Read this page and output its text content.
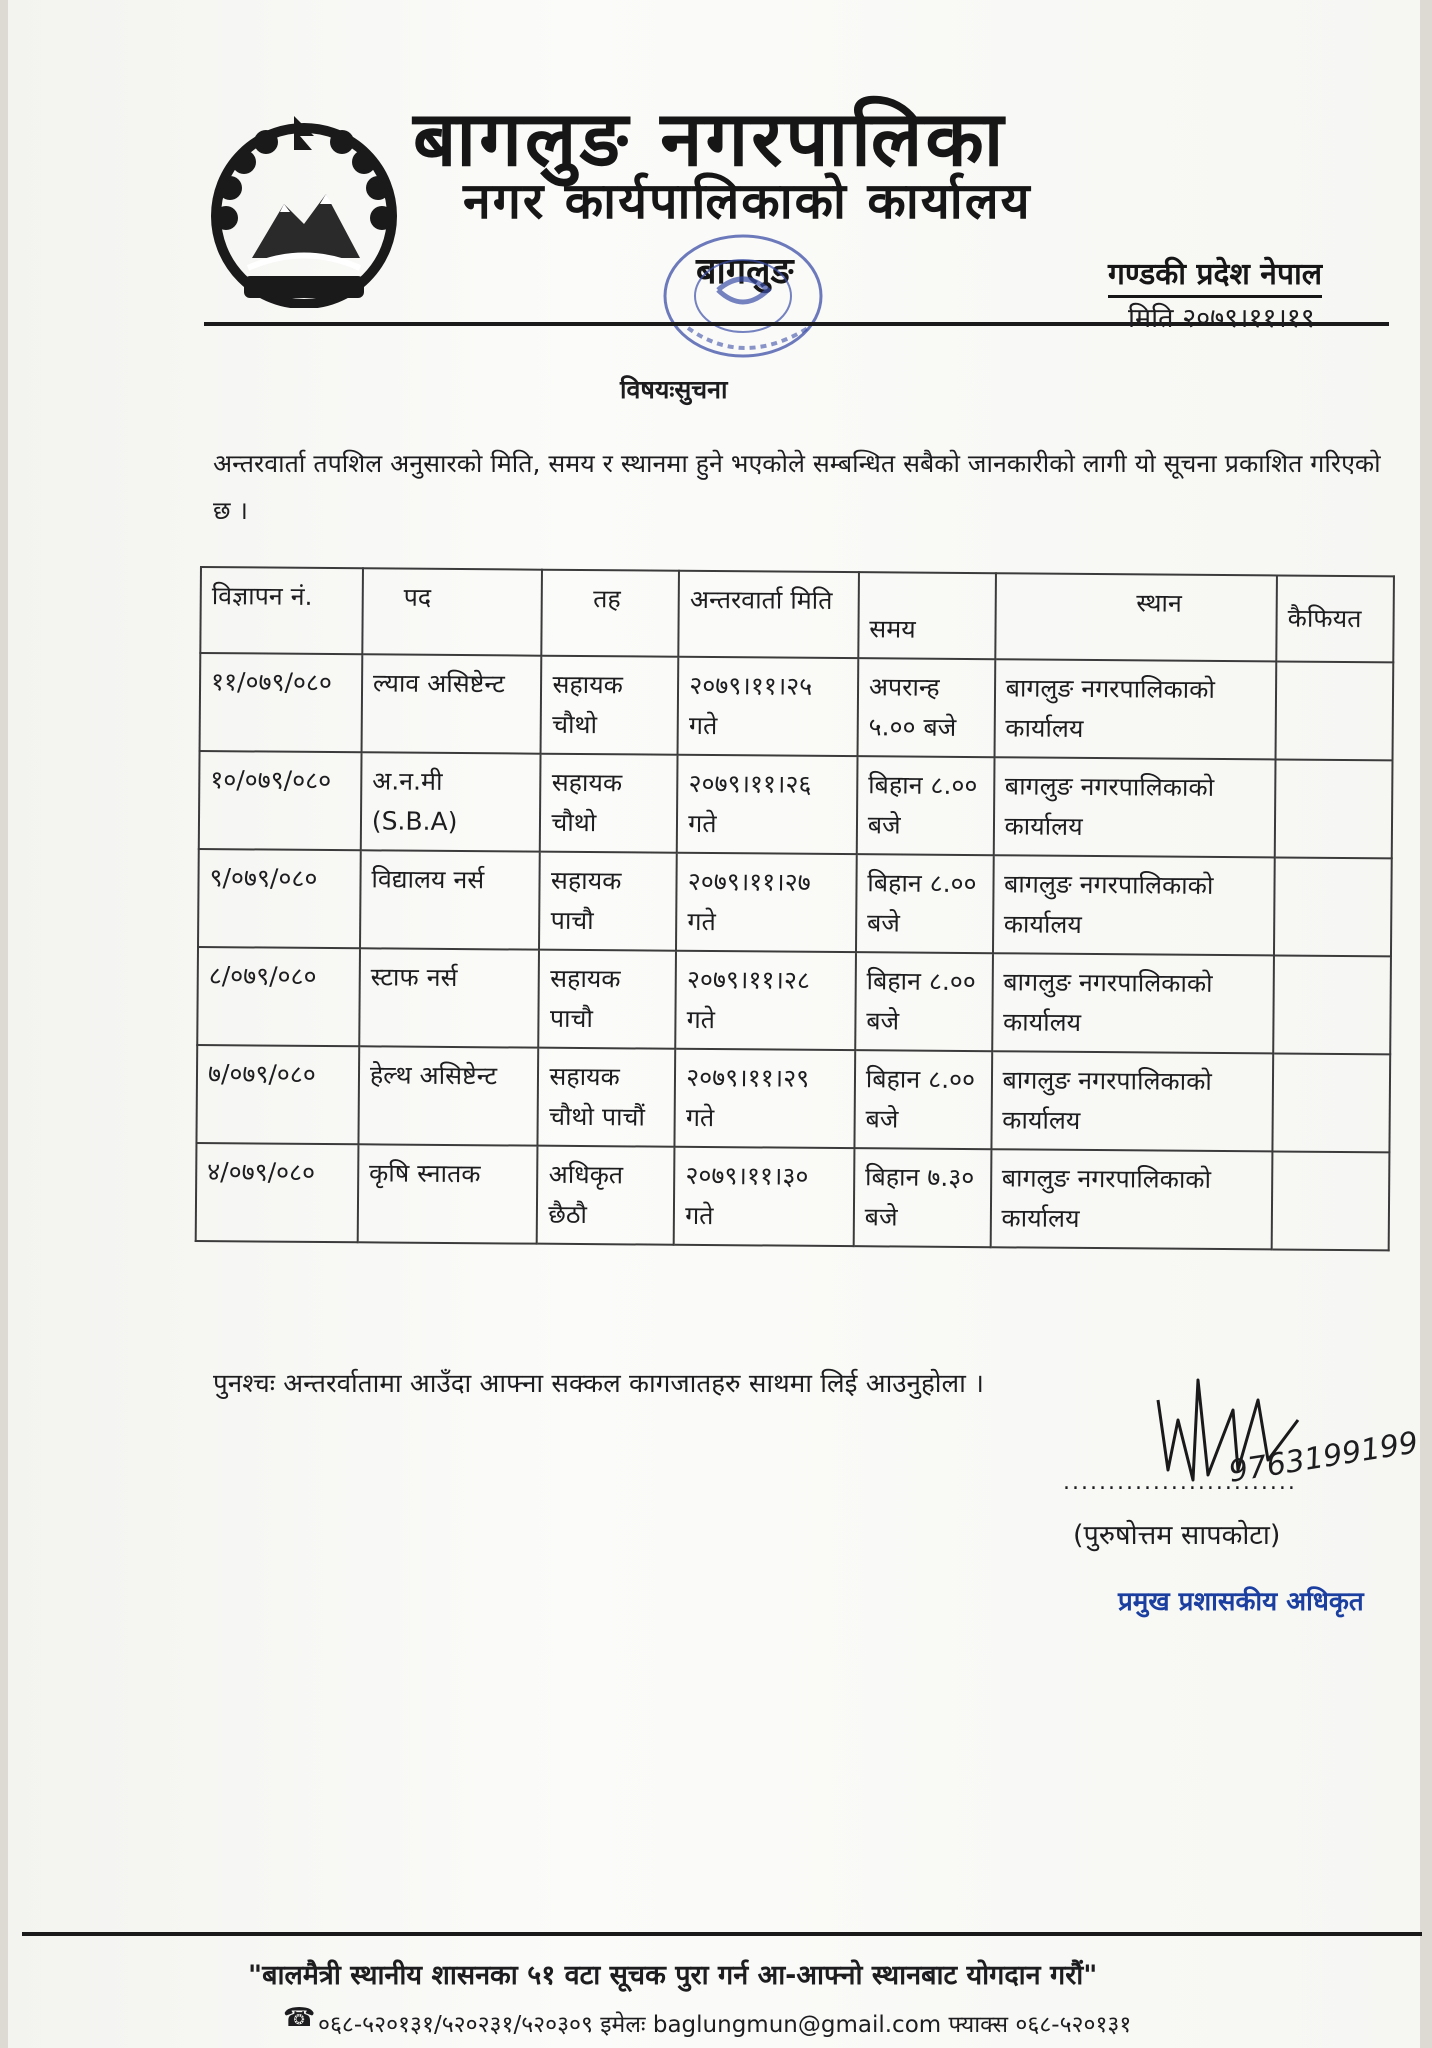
बागलुङ नगरपालिका
नगर कार्यपालिकाको कार्यालय
बागलुङ	गण्डकी प्रदेश नेपाल
मिति २०७९।११।१९
विषयःसुचना
अन्तरवार्ता तपशिल अनुसारको मिति, समय र स्थानमा हुने भएकोले सम्बन्धित सबैको जानकारीको लागी यो सूचना प्रकाशित गरिएको छ ।
विज्ञापन नं.	पद	तह	अन्तरवार्ता मिति	समय	स्थान	कैफियत
११/०७९/०८०	ल्याव असिष्टेन्ट	सहायक चौथो	२०७९।११।२५ गते	अपरान्ह ५.०० बजे	बागलुङ नगरपालिकाको कार्यालय	
१०/०७९/०८०	अ.न.मी (S.B.A)	सहायक चौथो	२०७९।११।२६ गते	बिहान ८.०० बजे	बागलुङ नगरपालिकाको कार्यालय	
९/०७९/०८०	विद्यालय नर्स	सहायक पाचौ	२०७९।११।२७ गते	बिहान ८.०० बजे	बागलुङ नगरपालिकाको कार्यालय	
८/०७९/०८०	स्टाफ नर्स	सहायक पाचौ	२०७९।११।२८ गते	बिहान ८.०० बजे	बागलुङ नगरपालिकाको कार्यालय	
७/०७९/०८०	हेल्थ असिष्टेन्ट	सहायक चौथो पाचौं	२०७९।११।२९ गते	बिहान ८.०० बजे	बागलुङ नगरपालिकाको कार्यालय	
४/०७९/०८०	कृषि स्नातक	अधिकृत छैठौ	२०७९।११।३० गते	बिहान ७.३० बजे	बागलुङ नगरपालिकाको कार्यालय	
पुनश्चः अन्तरर्वातामा आउँदा आफ्ना सक्कल कागजातहरु साथमा लिई आउनुहोला ।
..........................
9763199199
(पुरुषोत्तम सापकोटा)
प्रमुख प्रशासकीय अधिकृत
"बालमैत्री स्थानीय शासनका ५१ वटा सूचक पुरा गर्न आ-आफ्नो स्थानबाट योगदान गरौं"
☎ ०६८-५२०१३१/५२०२३१/५२०३०९ इमेलः baglungmun@gmail.com फ्याक्स ०६८-५२०१३१
